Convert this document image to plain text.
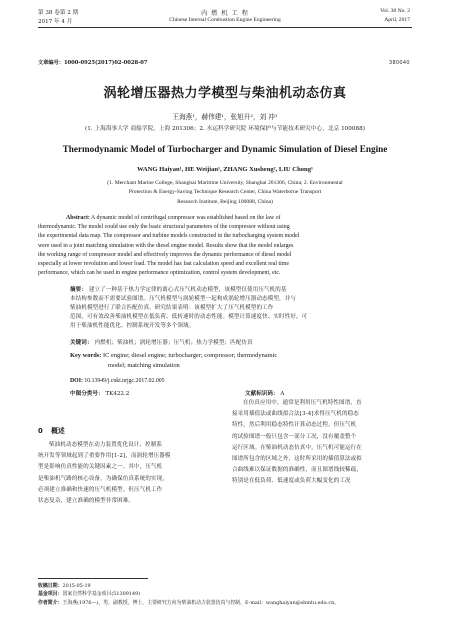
第 38 卷第 2 期
2017 年 4 月
内 燃 机 工 程
Chinese Internal Combustion Engine Engineering
Vol. 38 No. 2
April, 2017
文章编号：1000-0925(2017)02-0028-07	380040
涡轮增压器热力学模型与柴油机动态仿真
王海燕¹，赫伟建¹，张旭升²，刘 冲¹
(1. 上海海事大学 商船学院，上海 201306；2. 水运科学研究院 环境保护与节能技术研究中心，北京 100088)
Thermodynamic Model of Turbocharger and Dynamic Simulation of Diesel Engine
WANG Haiyan¹, HE Weijian¹, ZHANG Xusheng², LIU Chong¹
(1. Merchant Marine College, Shanghai Maritime University, Shanghai 201306, China; 2. Environmental
Protection & Energy-Saving Technique Research Center, China Waterborne Transport
Research Institute, Beijing 100088, China)
Abstract: A dynamic model of centrifugal compressor was established based on the law of
thermodynamic. The model could use only the basic structural parameters of the compressor without using
the experimental data map. The compressor and turbine models constructed in the turbocharging system model
were used in a joint matching simulation with the diesel engine model. Results show that the model enlarges
the working range of compressor model and effectively improves the dynamic performance of diesel model
especially at lower revolution and lower load. The model has fast calculation speed and excellent real time
performance, which can be used in engine performance optimization, control system development, etc.
摘要： 建立了一种基于热力学定律的离心式压气机动态模型，该模型仅使用压气机的基
本结构参数而不需要试验图谱。压气机模型与涡轮模型一起构成涡轮增压器动态模型，并与
柴油机模型进行了联合匹配仿真。研究结果表明：该模型扩大了压气机模型的工作
范围，可有效改善柴油机模型在低负荷、低转速时的动态性能。模型计算速度快、实时性好，可
用于柴油机性能优化、控制系统开发等多个领域。
关键词： 内燃机；柴油机；涡轮增压器；压气机；热力学模型；匹配仿真
Key words: IC engine; diesel engine; turbocharger; compressor; thermodynamic
model; matching simulation
DOI: 10.13949/j.cnki.nrjgc.2017.02.005
中图分类号： TK422.2	文献标识码： A
0 概述
柴油机动态模型在动力装置优化设计、控制系
统开发等领域起到了重要作用[1-2]，而涡轮增压器模
型是影响仿真性能的关键因素之一。其中，压气机
是柴油机气路的核心设备，为确保仿真系统的实现，
必须建立准确和快速的压气机模型。但压气机工作
状态复杂，建立准确的模型非常困难。
在仿真应用中，通常是利用压气机特性图谱，直
接采用插值法或曲线拟合法[3-4]求得压气机的稳态
特性，然后利用稳态特性计算动态过程。但压气机
的试验图谱一般只包含一部分工况，没有覆盖整个
运行区域。在柴油机动态仿真中，压气机可能运行在
图谱所包含的区域之外，这时所采用的插值算法或拟
合曲线难以保证数据的准确性，而且图谱线较稀疏，
特别是在低负荷、低速度或负荷大幅变化的工况
收稿日期：2015-05-19
基金项目：国家自然科学基金项目(51309149)
作者简介：王海燕(1976—)，男，副教授，博士，主要研究方向为柴油机动力装置仿真与控制，E-mail：wanghaiyan@shmtu.edu.cn。
